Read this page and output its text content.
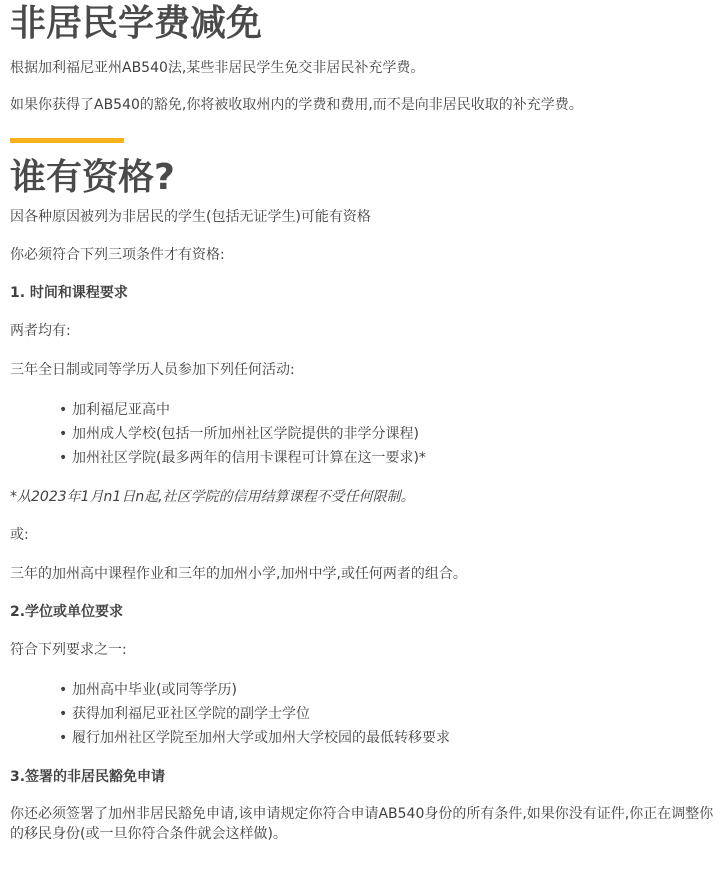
非居民学费减免

根据加利福尼亚州AB540法,某些非居民学生免交非居民补充学费。

如果你获得了AB540的豁免,你将被收取州内的学费和费用,而不是向非居民收取的补充学费。

谁有资格?

因各种原因被列为非居民的学生(包括无证学生)可能有资格

你必须符合下列三项条件才有资格:

1. 时间和课程要求

两者均有:

三年全日制或同等学历人员参加下列任何活动:

• 加利福尼亚高中
• 加州成人学校(包括一所加州社区学院提供的非学分课程)
• 加州社区学院(最多两年的信用卡课程可计算在这一要求)*

*从2023年1月n1日n起,社区学院的信用结算课程不受任何限制。

或:

三年的加州高中课程作业和三年的加州小学,加州中学,或任何两者的组合。

2.学位或单位要求

符合下列要求之一:

• 加州高中毕业(或同等学历)
• 获得加利福尼亚社区学院的副学士学位
• 履行加州社区学院至加州大学或加州大学校园的最低转移要求

3.签署的非居民豁免申请

你还必须签署了加州非居民豁免申请,该申请规定你符合申请AB540身份的所有条件,如果你没有证件,你正在调整你的移民身份(或一旦你符合条件就会这样做)。
